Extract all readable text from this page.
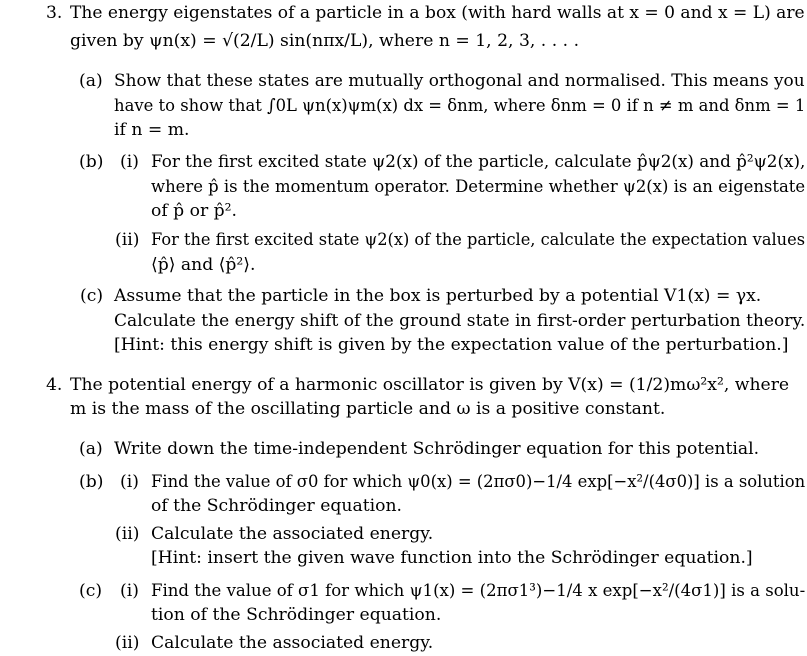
3. The energy eigenstates of a particle in a box (with hard walls at x = 0 and x = L) are
given by ψn(x) = √(2/L) sin(nπx/L), where n = 1, 2, 3, . . . .
(a) Show that these states are mutually orthogonal and normalised. This means you
have to show that ∫0L ψn(x)ψm(x) dx = δnm, where δnm = 0 if n ≠ m and δnm = 1
if n = m.
(b) (i) For the first excited state ψ2(x) of the particle, calculate p̂ψ2(x) and p̂²ψ2(x),
where p̂ is the momentum operator. Determine whether ψ2(x) is an eigenstate
of p̂ or p̂².
(ii) For the first excited state ψ2(x) of the particle, calculate the expectation values
⟨p̂⟩ and ⟨p̂²⟩.
(c) Assume that the particle in the box is perturbed by a potential V1(x) = γx.
Calculate the energy shift of the ground state in first-order perturbation theory.
[Hint: this energy shift is given by the expectation value of the perturbation.]
4. The potential energy of a harmonic oscillator is given by V(x) = (1/2)mω²x², where
m is the mass of the oscillating particle and ω is a positive constant.
(a) Write down the time-independent Schrödinger equation for this potential.
(b) (i) Find the value of σ0 for which ψ0(x) = (2πσ0)−1/4 exp[−x²/(4σ0)] is a solution
of the Schrödinger equation.
(ii) Calculate the associated energy.
[Hint: insert the given wave function into the Schrödinger equation.]
(c) (i) Find the value of σ1 for which ψ1(x) = (2πσ1³)−1/4 x exp[−x²/(4σ1)] is a solu-
tion of the Schrödinger equation.
(ii) Calculate the associated energy.
